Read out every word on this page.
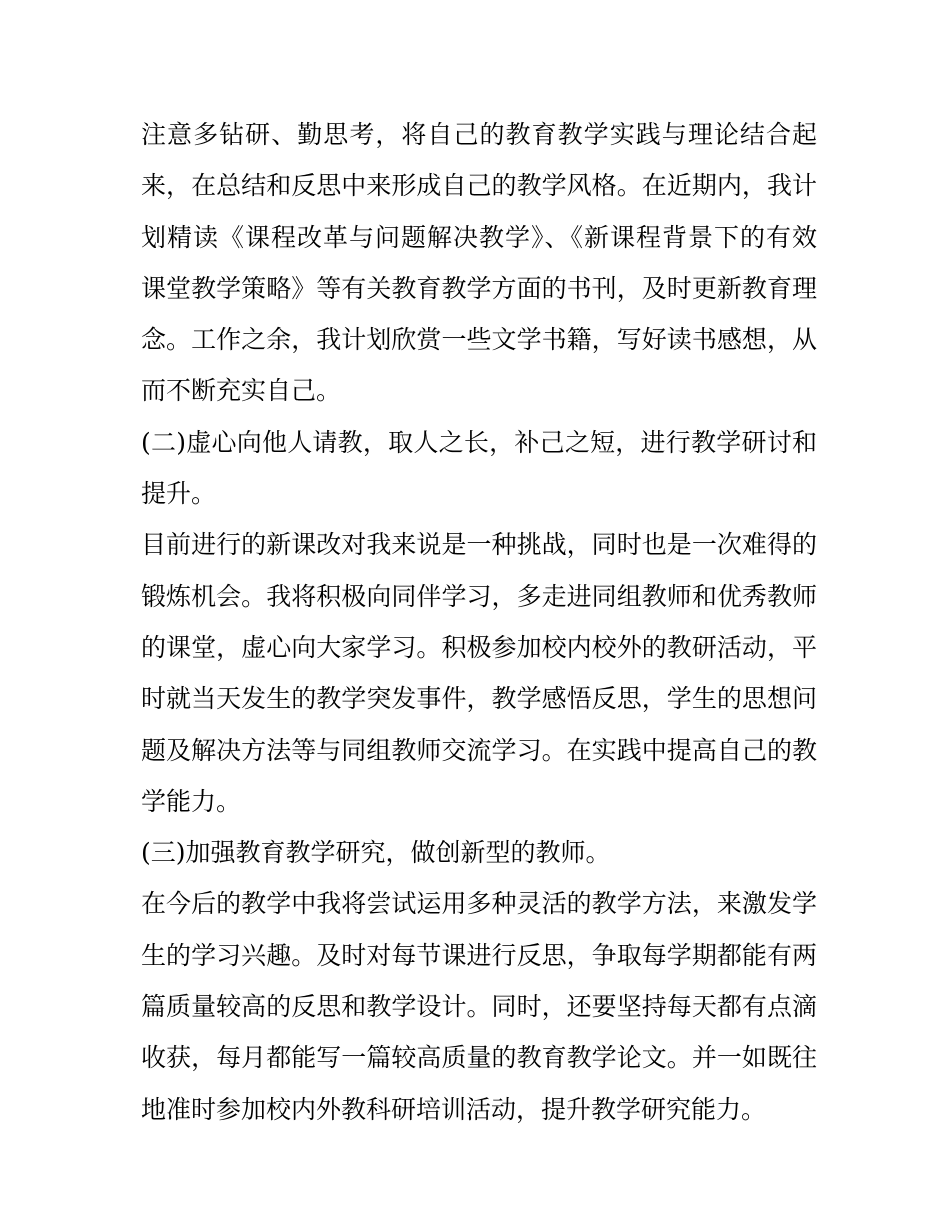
注意多钻研、勤思考，将自己的教育教学实践与理论结合起
来，在总结和反思中来形成自己的教学风格。在近期内，我计
划精读《课程改革与问题解决教学》、《新课程背景下的有效
课堂教学策略》等有关教育教学方面的书刊，及时更新教育理
念。工作之余，我计划欣赏一些文学书籍，写好读书感想，从
而不断充实自己。
(二)虚心向他人请教，取人之长，补己之短，进行教学研讨和
提升。
目前进行的新课改对我来说是一种挑战，同时也是一次难得的
锻炼机会。我将积极向同伴学习，多走进同组教师和优秀教师
的课堂，虚心向大家学习。积极参加校内校外的教研活动，平
时就当天发生的教学突发事件，教学感悟反思，学生的思想问
题及解决方法等与同组教师交流学习。在实践中提高自己的教
学能力。
(三)加强教育教学研究，做创新型的教师。
在今后的教学中我将尝试运用多种灵活的教学方法，来激发学
生的学习兴趣。及时对每节课进行反思，争取每学期都能有两
篇质量较高的反思和教学设计。同时，还要坚持每天都有点滴
收获，每月都能写一篇较高质量的教育教学论文。并一如既往
地准时参加校内外教科研培训活动，提升教学研究能力。
